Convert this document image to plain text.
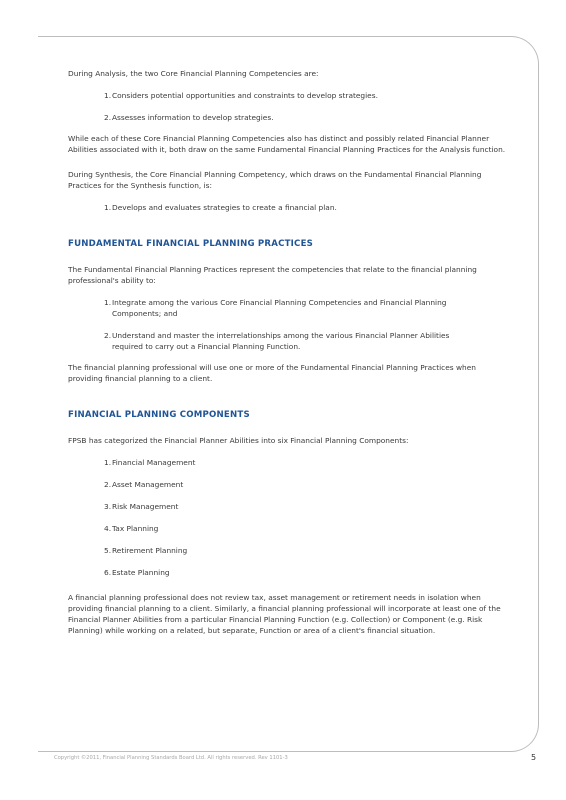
During Analysis, the two Core Financial Planning Competencies are:

1. Considers potential opportunities and constraints to develop strategies.
2. Assesses information to develop strategies.

While each of these Core Financial Planning Competencies also has distinct and possibly related Financial Planner Abilities associated with it, both draw on the same Fundamental Financial Planning Practices for the Analysis function.

During Synthesis, the Core Financial Planning Competency, which draws on the Fundamental Financial Planning Practices for the Synthesis function, is:

1. Develops and evaluates strategies to create a financial plan.
FUNDAMENTAL FINANCIAL PLANNING PRACTICES

The Fundamental Financial Planning Practices represent the competencies that relate to the financial planning professional's ability to:

1. Integrate among the various Core Financial Planning Competencies and Financial Planning Components; and
2. Understand and master the interrelationships among the various Financial Planner Abilities required to carry out a Financial Planning Function.

The financial planning professional will use one or more of the Fundamental Financial Planning Practices when providing financial planning to a client.

FINANCIAL PLANNING COMPONENTS

FPSB has categorized the Financial Planner Abilities into six Financial Planning Components:

1. Financial Management
2. Asset Management
3. Risk Management
4. Tax Planning
5. Retirement Planning
6. Estate Planning

A financial planning professional does not review tax, asset management or retirement needs in isolation when providing financial planning to a client. Similarly, a financial planning professional will incorporate at least one of the Financial Planner Abilities from a particular Financial Planning Function (e.g. Collection) or Component (e.g. Risk Planning) while working on a related, but separate, Function or area of a client's financial situation.

Copyright ©2011, Financial Planning Standards Board Ltd. All rights reserved. Rev 1101-3	5
